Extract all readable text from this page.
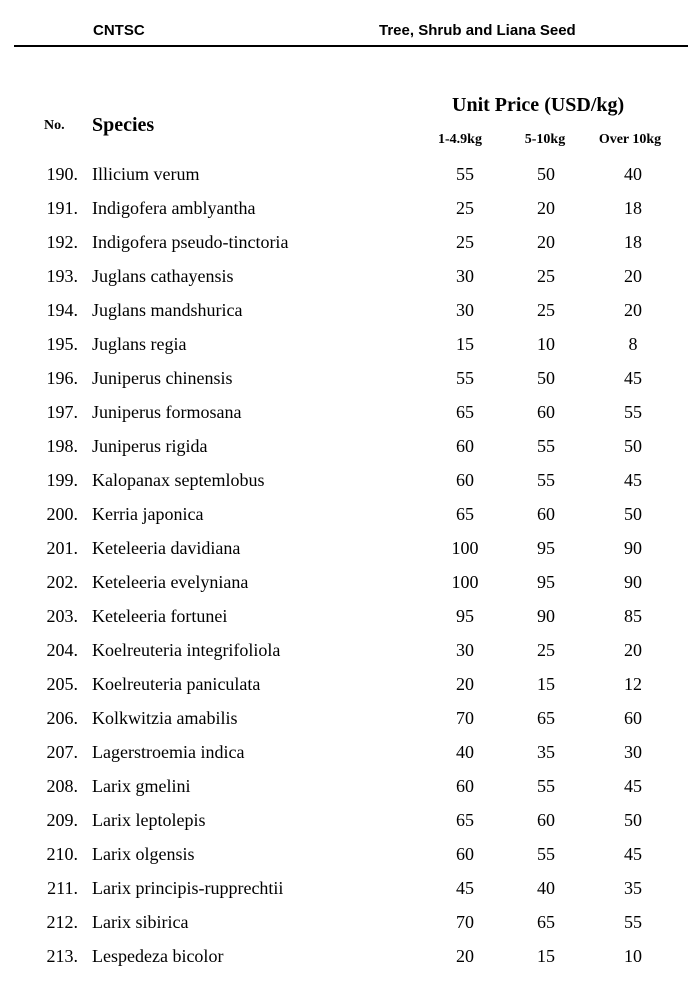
CNTSC	Tree, Shrub and Liana Seed
No. Species
Unit Price (USD/kg)
1-4.9kg	5-10kg Over 10kg
190. Illicium verum	55	50	40
191. Indigofera amblyantha	25	20	18
192. Indigofera pseudo-tinctoria	25	20	18
193. Juglans cathayensis	30	25	20
194. Juglans mandshurica	30	25	20
195. Juglans regia	15	10	8
196. Juniperus chinensis	55	50	45
197. Juniperus formosana	65	60	55
198. Juniperus rigida	60	55	50
199. Kalopanax septemlobus	60	55	45
200. Kerria japonica	65	60	50
201. Keteleeria davidiana	100	95	90
202. Keteleeria evelyniana	100	95	90
203. Keteleeria fortunei	95	90	85
204. Koelreuteria integrifoliola	30	25	20
205. Koelreuteria paniculata	20	15	12
206. Kolkwitzia amabilis	70	65	60
207. Lagerstroemia indica	40	35	30
208. Larix gmelini	60	55	45
209. Larix leptolepis	65	60	50
210. Larix olgensis	60	55	45
211. Larix principis-rupprechtii	45	40	35
212. Larix sibirica	70	65	55
213. Lespedeza bicolor	20	15	10
